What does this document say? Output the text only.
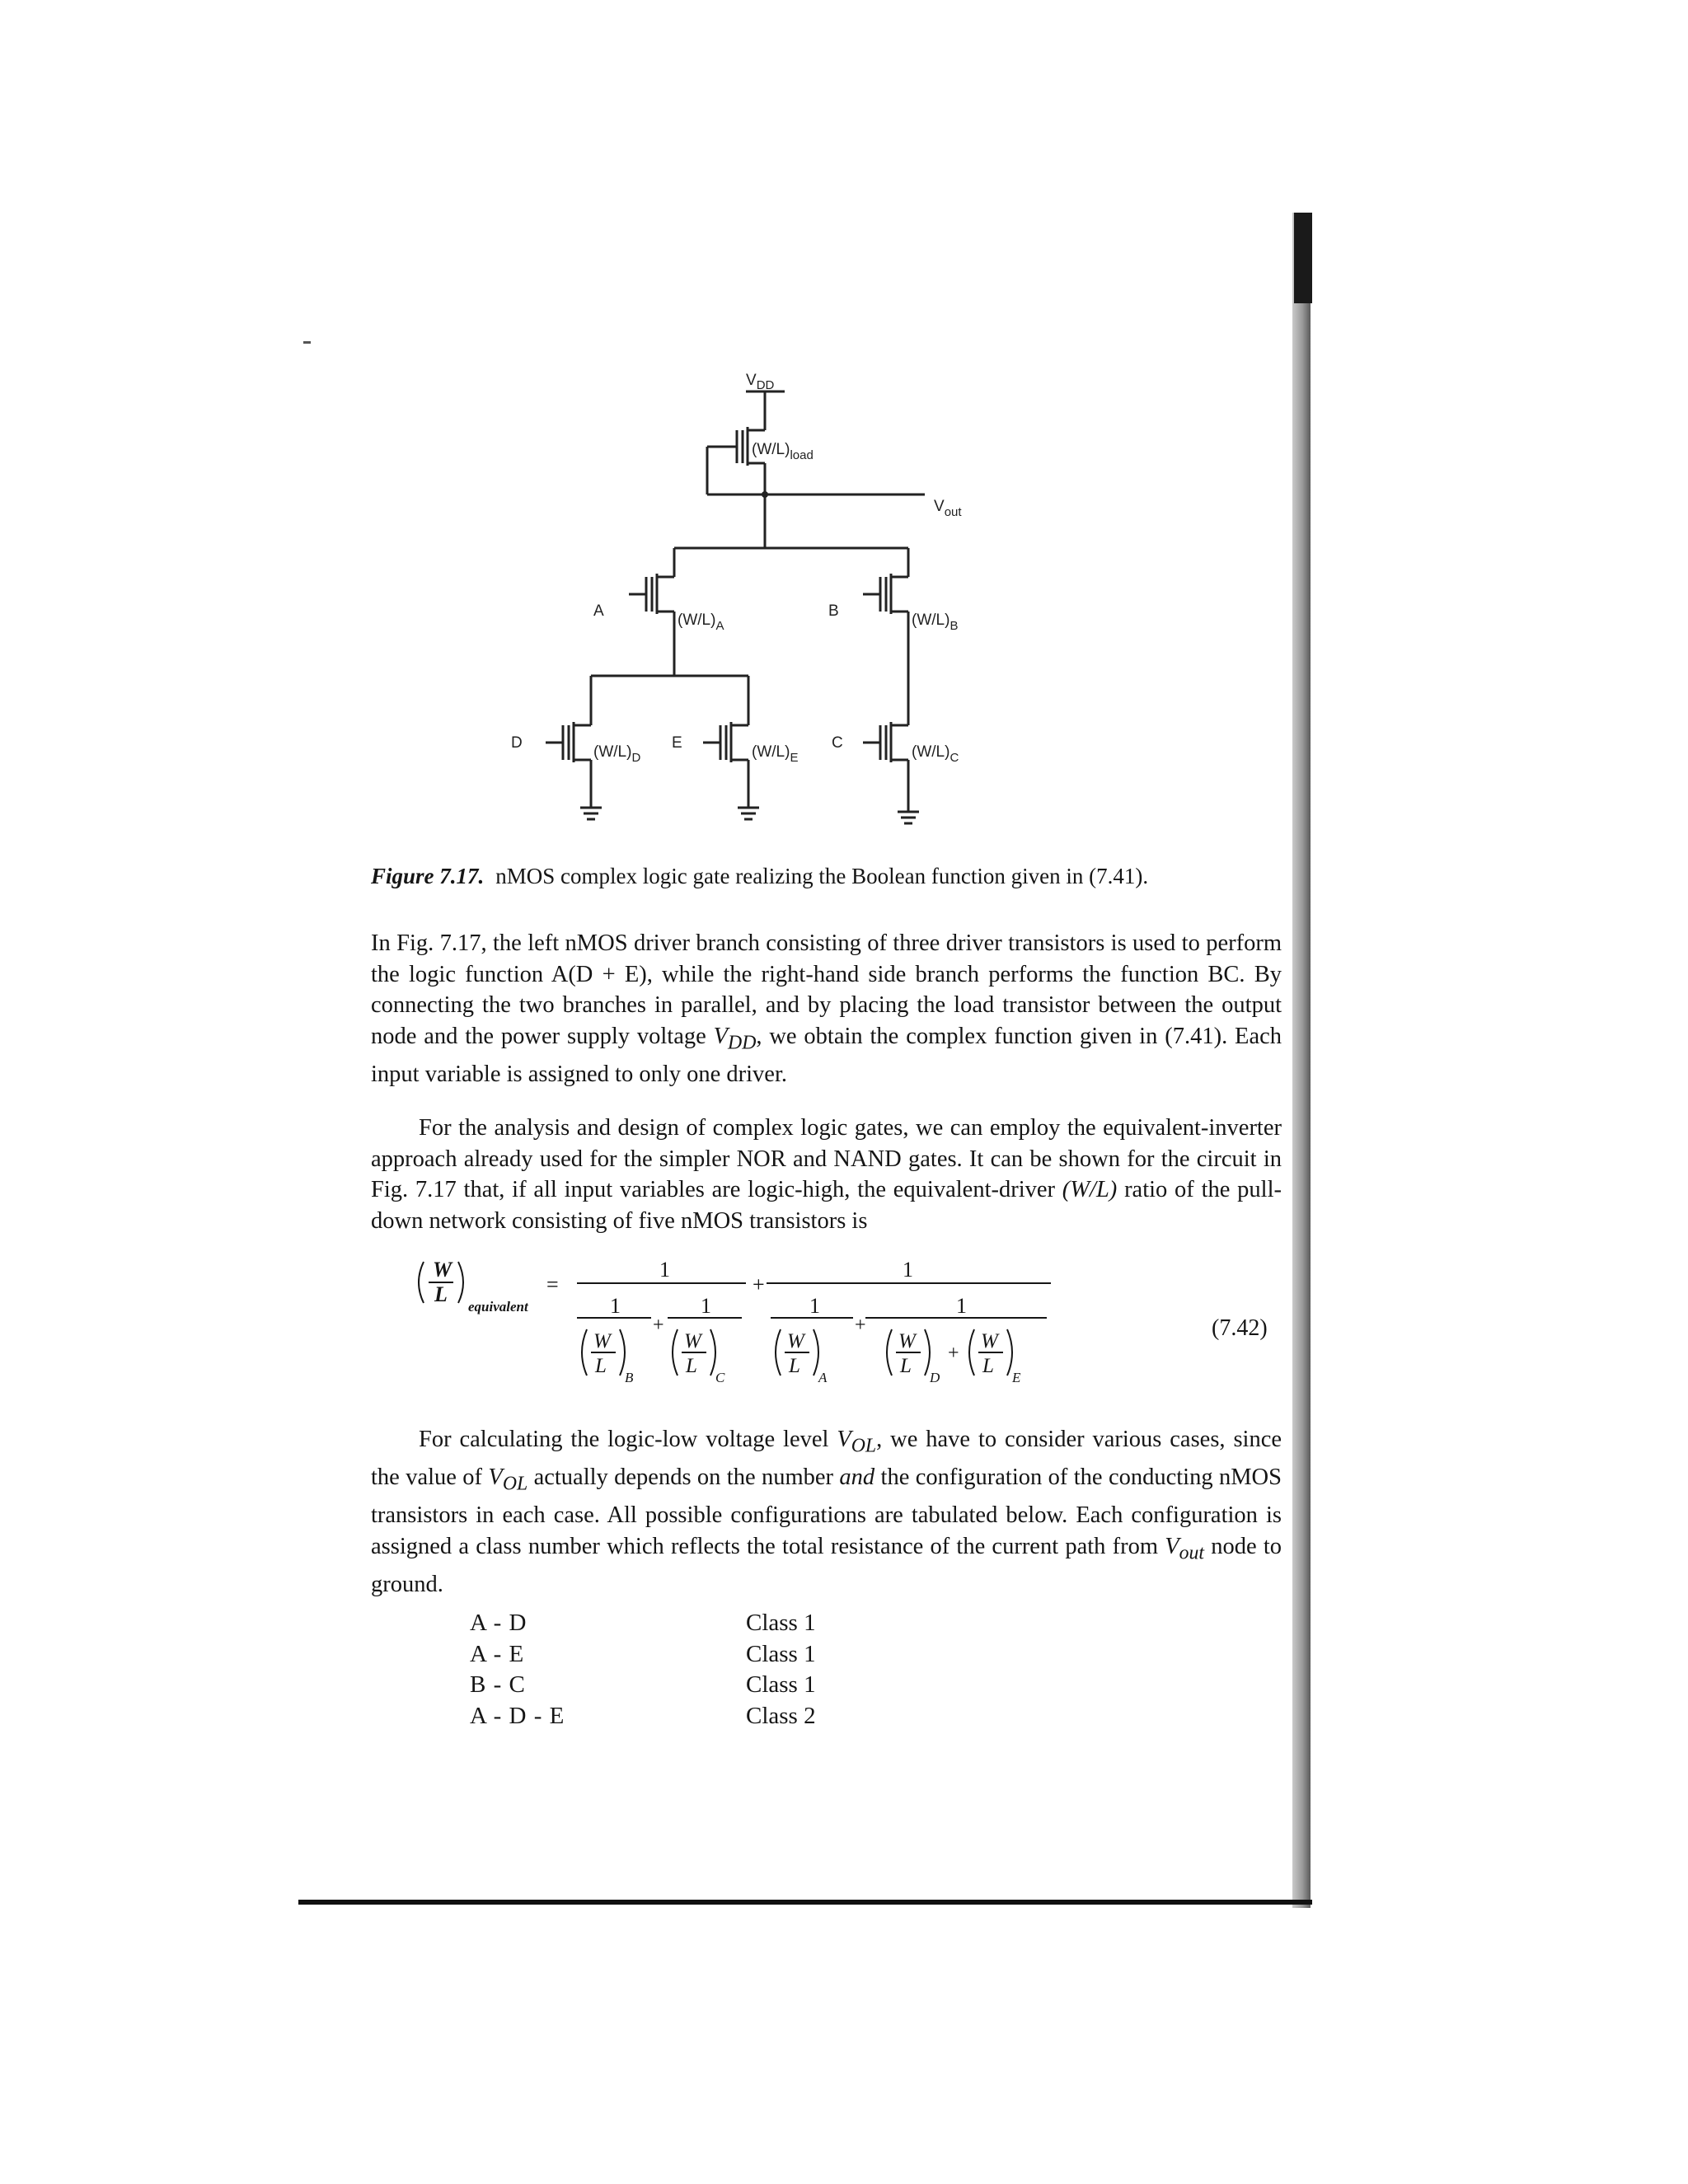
$V_{DD}$
$(W/L)_{load}$
$V_{out}$
A
$(W/L)_A$
B
$(W/L)_B$
D
$(W/L)_D$
E
$(W/L)_E$
C
$(W/L)_C$
Figure 7.17. nMOS complex logic gate realizing the Boolean function given in (7.41).

In Fig. 7.17, the left nMOS driver branch consisting of three driver transistors is used to perform the logic function A(D + E), while the right-hand side branch performs the function BC. By connecting the two branches in parallel, and by placing the load transistor between the output node and the power supply voltage $V_{DD}$, we obtain the complex function given in (7.41). Each input variable is assigned to only one driver.

For the analysis and design of complex logic gates, we can employ the equivalent-inverter approach already used for the simpler NOR and NAND gates. It can be shown for the circuit in Fig. 7.17 that, if all input variables are logic-high, the equivalent-driver (W/L) ratio of the pull-down network consisting of five nMOS transistors is

W
L
equivalent
=
1	1
1	1	1	1
+
+	+
+
W
L
B
W
L
C
W
L
A
W
L
D
W
L
E
(7.42)

For calculating the logic-low voltage level $V_{OL}$, we have to consider various cases, since the value of $V_{OL}$ actually depends on the number and the configuration of the conducting nMOS transistors in each case. All possible configurations are tabulated below. Each configuration is assigned a class number which reflects the total resistance of the current path from $V_{out}$ node to ground.

A - D	Class 1
A - E	Class 1
B - C	Class 1
A - D - E	Class 2
